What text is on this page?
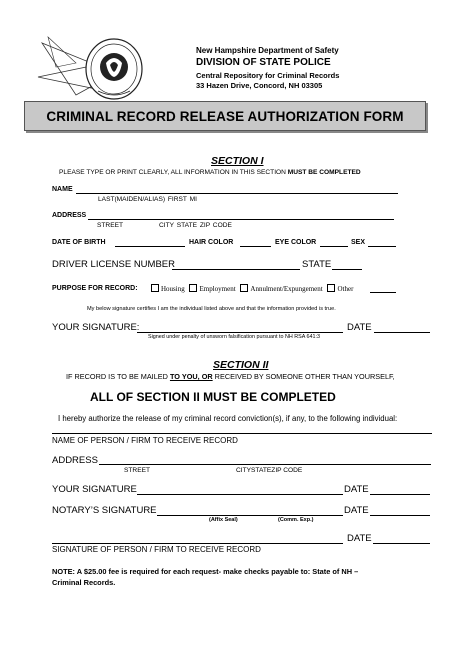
New Hampshire Department of Safety
DIVISION OF STATE POLICE
Central Repository for Criminal Records
33 Hazen Drive, Concord, NH 03305
CRIMINAL RECORD RELEASE AUTHORIZATION FORM
SECTION I
PLEASE TYPE OR PRINT CLEARLY, ALL INFORMATION IN THIS SECTION MUST BE COMPLETED
NAME
LAST(MAIDEN/ALIAS) FIRST MI
ADDRESS
STREET	CITY STATE ZIP CODE
DATE OF BIRTH	HAIR COLOR	EYE COLOR	SEX
DRIVER LICENSE NUMBER	STATE
PURPOSE FOR RECORD:	Housing Employment Annulment/Expungement Other
My below signature certifies I am the individual listed above and that the information provided is true.
YOUR SIGNATURE:	DATE
Signed under penalty of unsworn falsification pursuant to NH RSA 641:3
SECTION II
IF RECORD IS TO BE MAILED TO YOU, OR RECEIVED BY SOMEONE OTHER THAN YOURSELF,
ALL OF SECTION II MUST BE COMPLETED
I hereby authorize the release of my criminal record conviction(s), if any, to the following individual:
NAME OF PERSON / FIRM TO RECEIVE RECORD
ADDRESS
STREET	CITYSTATEZIP CODE
YOUR SIGNATURE	DATE
NOTARY’S SIGNATURE	DATE
(Affix Seal)	(Comm. Exp.)
DATE
SIGNATURE OF PERSON / FIRM TO RECEIVE RECORD
NOTE: A $25.00 fee is required for each request- make checks payable to: State of NH –
Criminal Records.
